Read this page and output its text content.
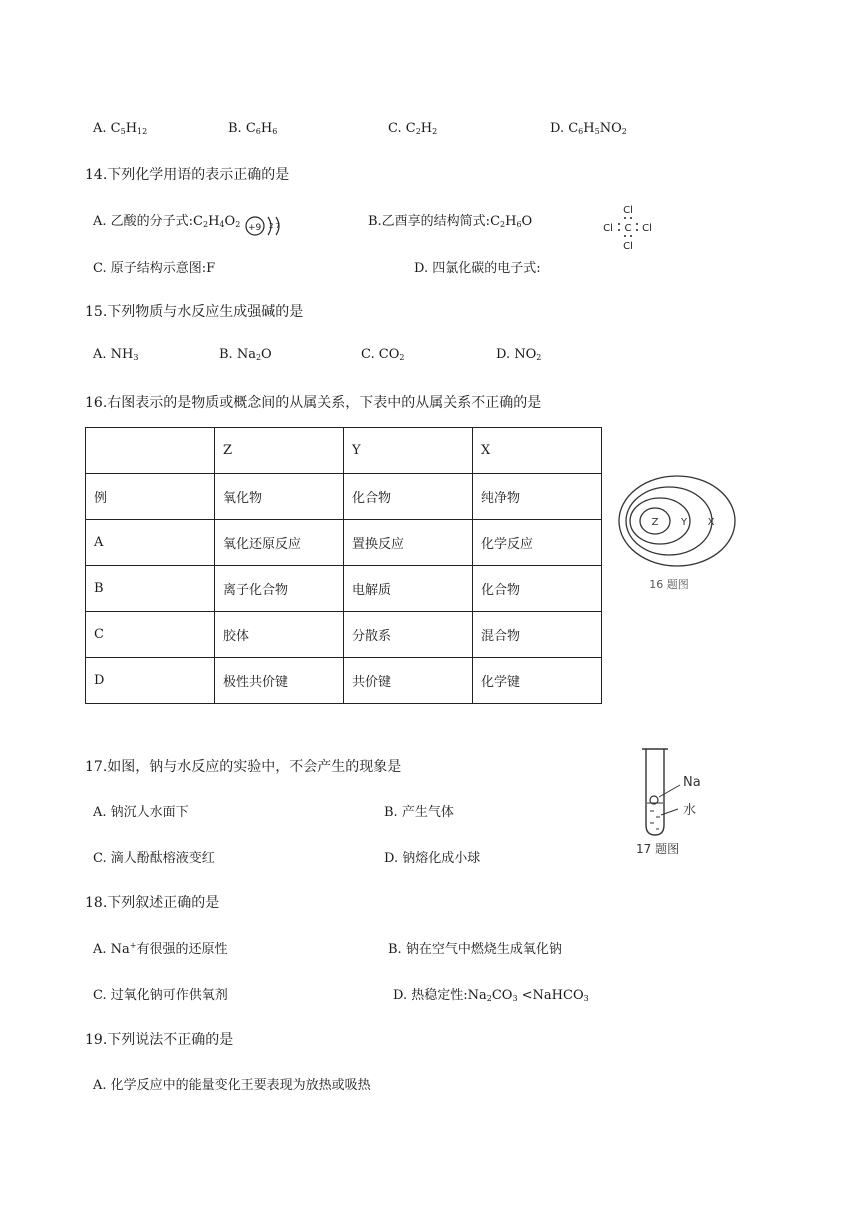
A. $C_5H_{12}$	B. $C_6H_6$	C. $C_2H_2$	D. $C_6H_5NO_2$
14.下列化学用语的表示正确的是
A. 乙酸的分子式$:C_2H_4O_2 +9$ 2 7	B.乙酉享的结构简式$:C_2H_6O$
Cl
Cl C Cl
Cl
C. 原子结构示意图:F	D. 四氯化碳的电子式:
15.下列物质与水反应生成强碱的是
A. $NH_3$	B. $Na_2O$	C. $CO_2$	D. $NO_2$
16.右图表示的是物质或概念间的从属关系，下表中的从属关系不正确的是
	Z	Y	X
例	氧化物	化合物	纯净物
A	氧化还原反应	置换反应	化学反应
B	离子化合物	电解质	化合物
C	胶体	分散系	混合物
D	极性共价键	共价键	化学键
Z Y X
16 题图
17.如图，钠与水反应的实验中，不会产生的现象是
A. 钠沉人水面下	B. 产生气体
C. 滴人酚酞榕液变红	D. 钠熔化成小球
Na
水
17 题图
18.下列叙述正确的是
A. Na+有很强的还原性	B. 钠在空气中燃烧生成氧化钠
C. 过氧化钠可作供氧剂	D. 热稳定性$:Na_2CO_3$ <NaHCO$_3$
19.下列说法不正确的是
A. 化学反应中的能量变化王要表现为放热或吸热
